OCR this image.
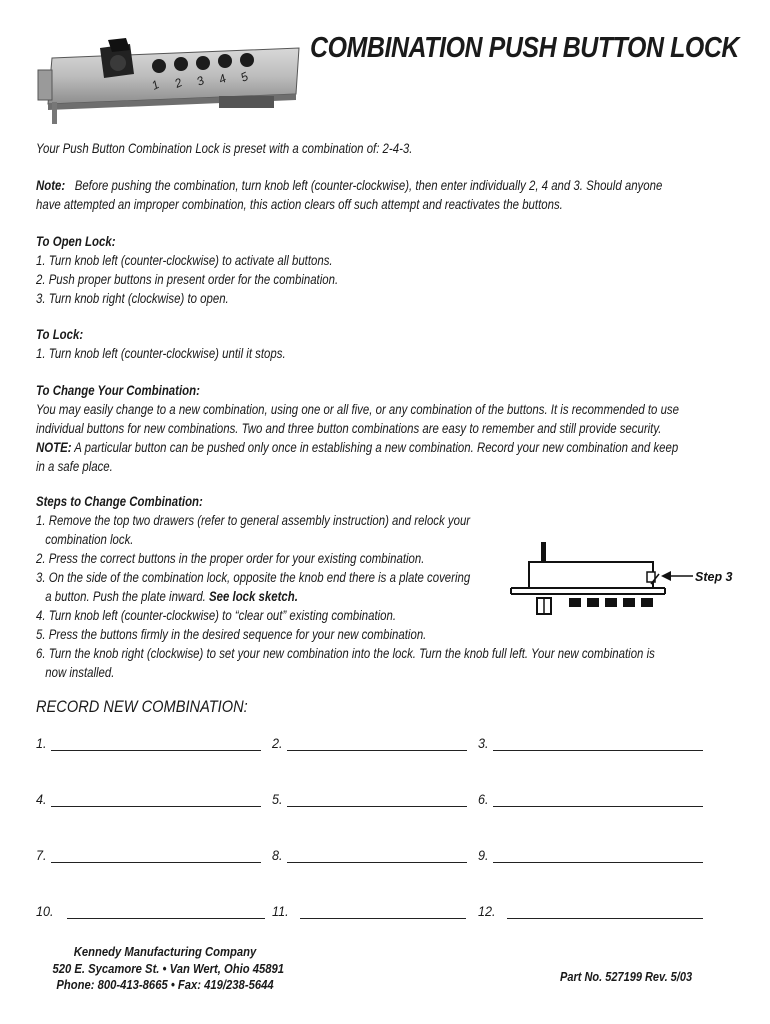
1 2 3 4 5
COMBINATION PUSH BUTTON LOCK
Your Push Button Combination Lock is preset with a combination of: 2-4-3.
Note: Before pushing the combination, turn knob left (counter-clockwise), then enter individually 2, 4 and 3. Should anyone
have attempted an improper combination, this action clears off such attempt and reactivates the buttons.
To Open Lock:
1. Turn knob left (counter-clockwise) to activate all buttons.
2. Push proper buttons in present order for the combination.
3. Turn knob right (clockwise) to open.
To Lock:
1. Turn knob left (counter-clockwise) until it stops.
To Change Your Combination:
You may easily change to a new combination, using one or all five, or any combination of the buttons. It is recommended to use
individual buttons for new combinations. Two and three button combinations are easy to remember and still provide security.
NOTE: A particular button can be pushed only once in establishing a new combination. Record your new combination and keep
in a safe place.
Steps to Change Combination:
1. Remove the top two drawers (refer to general assembly instruction) and relock your
combination lock.
2. Press the correct buttons in the proper order for your existing combination.
3. On the side of the combination lock, opposite the knob end there is a plate covering
a button. Push the plate inward. See lock sketch.
4. Turn knob left (counter-clockwise) to “clear out” existing combination.
5. Press the buttons firmly in the desired sequence for your new combination.
6. Turn the knob right (clockwise) to set your new combination into the lock. Turn the knob full left. Your new combination is
now installed.
Step 3
RECORD NEW COMBINATION:
1.	2.	3.
4.	5.	6.
7.	8.	9.
10.	11.	12.
Kennedy Manufacturing Company
520 E. Sycamore St. • Van Wert, Ohio 45891
Phone: 800-413-8665 • Fax: 419/238-5644
Part No. 527199 Rev. 5/03
